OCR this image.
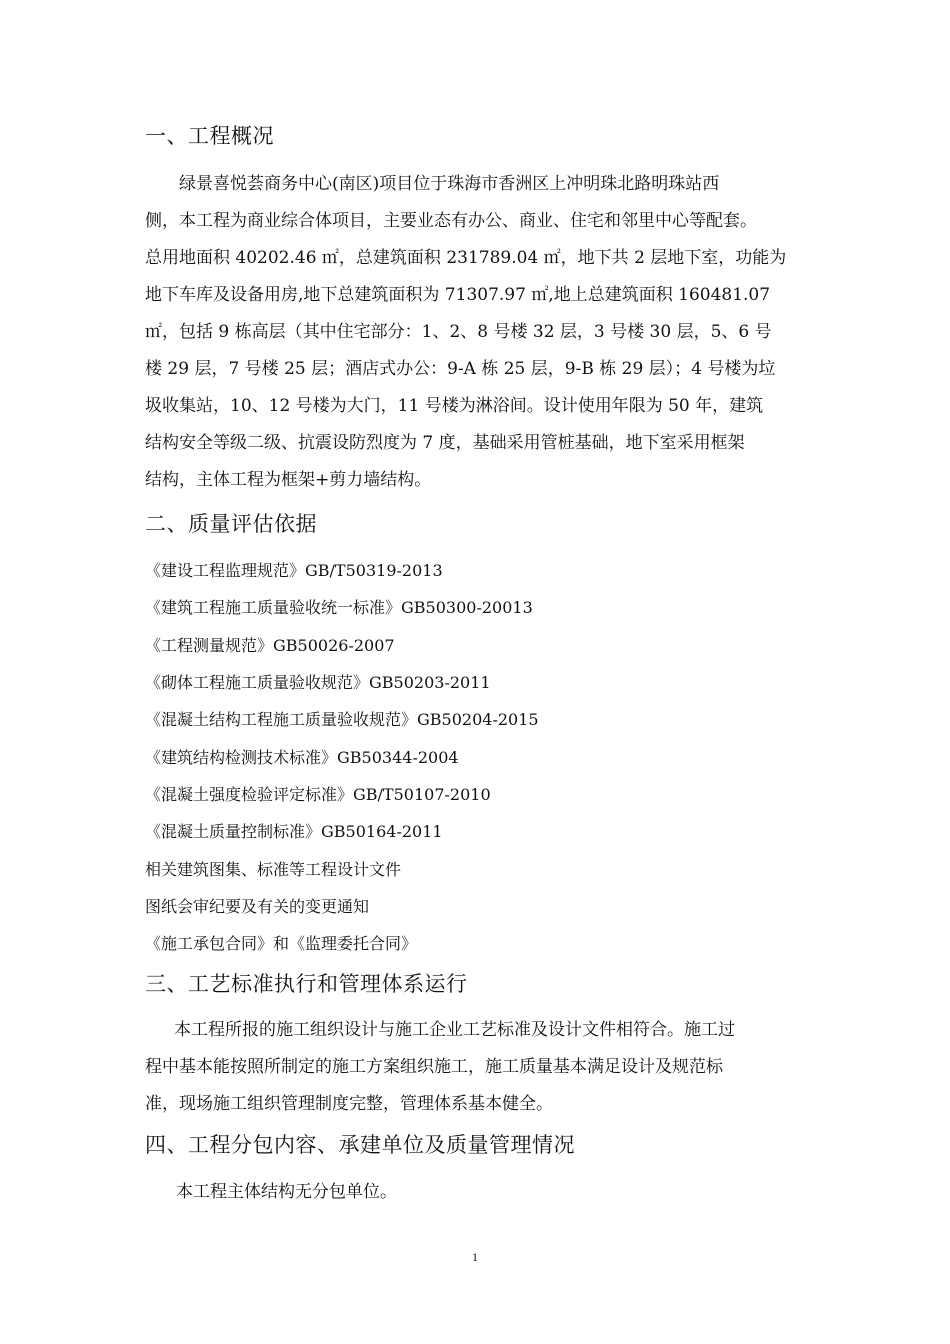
一、工程概况
　绿景喜悦荟商务中心(南区)项目位于珠海市香洲区上冲明珠北路明珠站西
侧，本工程为商业综合体项目，主要业态有办公、商业、住宅和邻里中心等配套。
总用地面积 40202.46 ㎡，总建筑面积 231789.04 ㎡，地下共 2 层地下室，功能为
地下车库及设备用房,地下总建筑面积为 71307.97 ㎡,地上总建筑面积 160481.07
㎡，包括 9 栋高层（其中住宅部分：1、2、8 号楼 32 层，3 号楼 30 层，5、6 号
楼 29 层，7 号楼 25 层；酒店式办公：9-A 栋 25 层，9-B 栋 29 层）；4 号楼为垃
圾收集站，10、12 号楼为大门，11 号楼为淋浴间。设计使用年限为 50 年，建筑
结构安全等级二级、抗震设防烈度为 7 度，基础采用管桩基础，地下室采用框架
结构，主体工程为框架+剪力墙结构。
二、质量评估依据

《建设工程监理规范》GB/T50319-2013

《建筑工程施工质量验收统一标准》GB50300-20013

《工程测量规范》GB50026-2007

《砌体工程施工质量验收规范》GB50203-2011

《混凝土结构工程施工质量验收规范》GB50204-2015

《建筑结构检测技术标准》GB50344-2004

《混凝土强度检验评定标准》GB/T50107-2010

《混凝土质量控制标准》GB50164-2011

相关建筑图集、标准等工程设计文件

图纸会审纪要及有关的变更通知

《施工承包合同》和《监理委托合同》

三、工艺标准执行和管理体系运行
　本工程所报的施工组织设计与施工企业工艺标准及设计文件相符合。施工过
程中基本能按照所制定的施工方案组织施工，施工质量基本满足设计及规范标
准，现场施工组织管理制度完整，管理体系基本健全。
四、工程分包内容、承建单位及质量管理情况
　本工程主体结构无分包单位。
1
